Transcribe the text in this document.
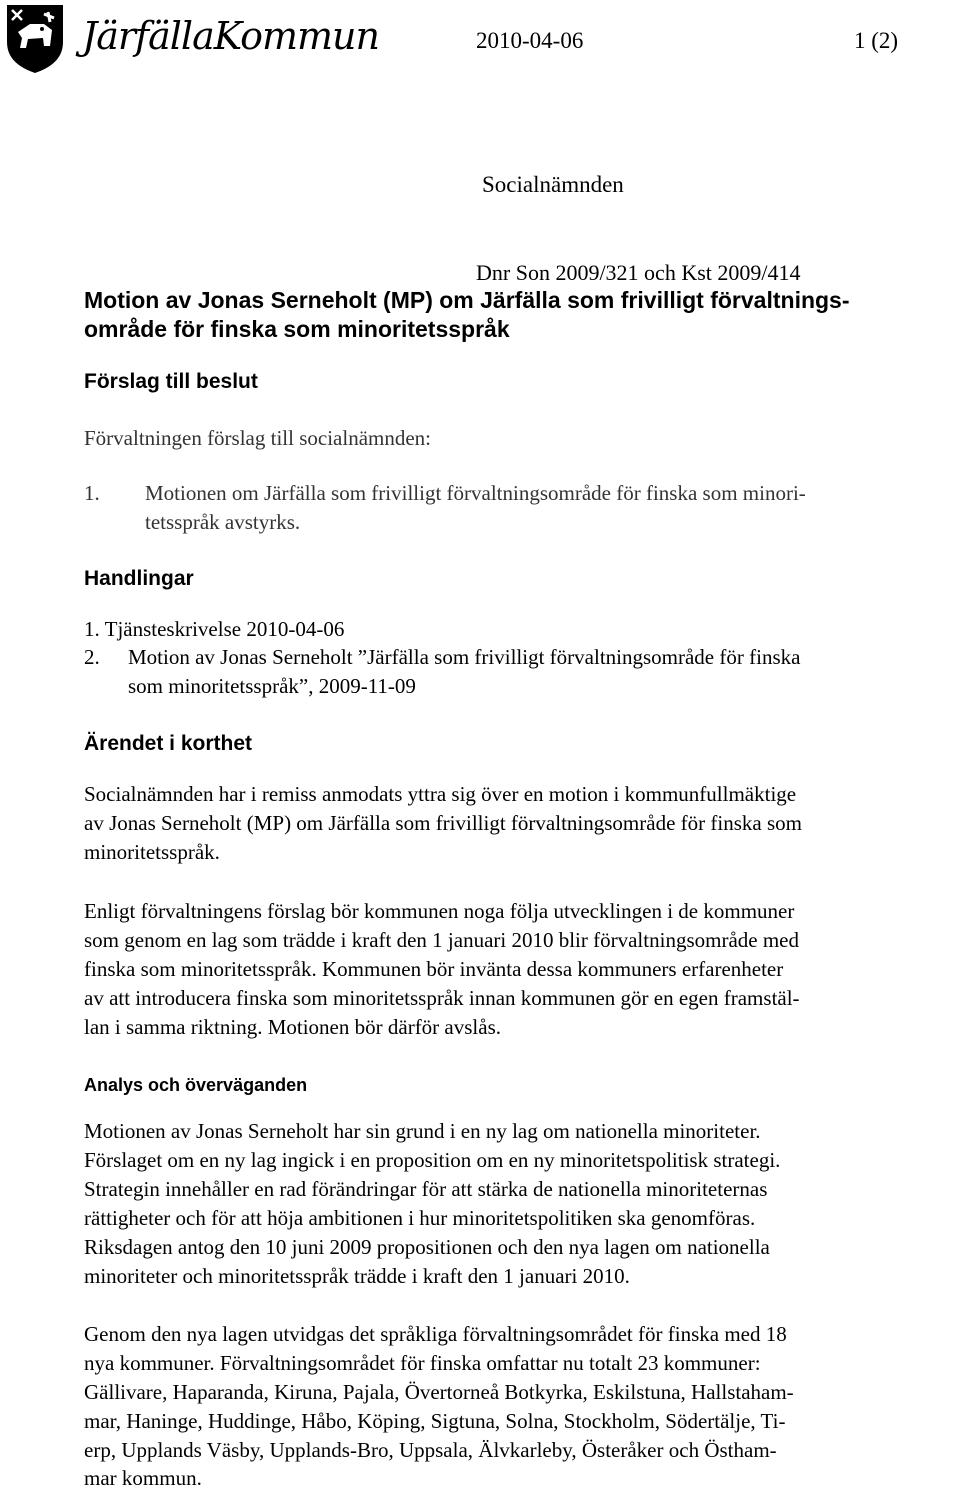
JärfällaKommun	2010-04-06	1 (2)
Socialnämnden
Dnr Son 2009/321 och Kst 2009/414
Motion av Jonas Serneholt (MP) om Järfälla som frivilligt förvaltnings-
område för finska som minoritetsspråk
Förslag till beslut
Förvaltningen förslag till socialnämnden:
1. Motionen om Järfälla som frivilligt förvaltningsområde för finska som minori-
tetsspråk avstyrks.
Handlingar
1. Tjänsteskrivelse 2010-04-06
2. Motion av Jonas Serneholt ”Järfälla som frivilligt förvaltningsområde för finska
som minoritetsspråk”, 2009-11-09
Ärendet i korthet
Socialnämnden har i remiss anmodats yttra sig över en motion i kommunfullmäktige
av Jonas Serneholt (MP) om Järfälla som frivilligt förvaltningsområde för finska som
minoritetsspråk.
Enligt förvaltningens förslag bör kommunen noga följa utvecklingen i de kommuner
som genom en lag som trädde i kraft den 1 januari 2010 blir förvaltningsområde med
finska som minoritetsspråk. Kommunen bör invänta dessa kommuners erfarenheter
av att introducera finska som minoritetsspråk innan kommunen gör en egen framstäl-
lan i samma riktning. Motionen bör därför avslås.
Analys och överväganden
Motionen av Jonas Serneholt har sin grund i en ny lag om nationella minoriteter.
Förslaget om en ny lag ingick i en proposition om en ny minoritetspolitisk strategi.
Strategin innehåller en rad förändringar för att stärka de nationella minoriteternas
rättigheter och för att höja ambitionen i hur minoritetspolitiken ska genomföras.
Riksdagen antog den 10 juni 2009 propositionen och den nya lagen om nationella
minoriteter och minoritetsspråk trädde i kraft den 1 januari 2010.
Genom den nya lagen utvidgas det språkliga förvaltningsområdet för finska med 18
nya kommuner. Förvaltningsområdet för finska omfattar nu totalt 23 kommuner:
Gällivare, Haparanda, Kiruna, Pajala, Övertorneå Botkyrka, Eskilstuna, Hallstaham-
mar, Haninge, Huddinge, Håbo, Köping, Sigtuna, Solna, Stockholm, Södertälje, Ti-
erp, Upplands Väsby, Upplands-Bro, Uppsala, Älvkarleby, Österåker och Östham-
mar kommun.
